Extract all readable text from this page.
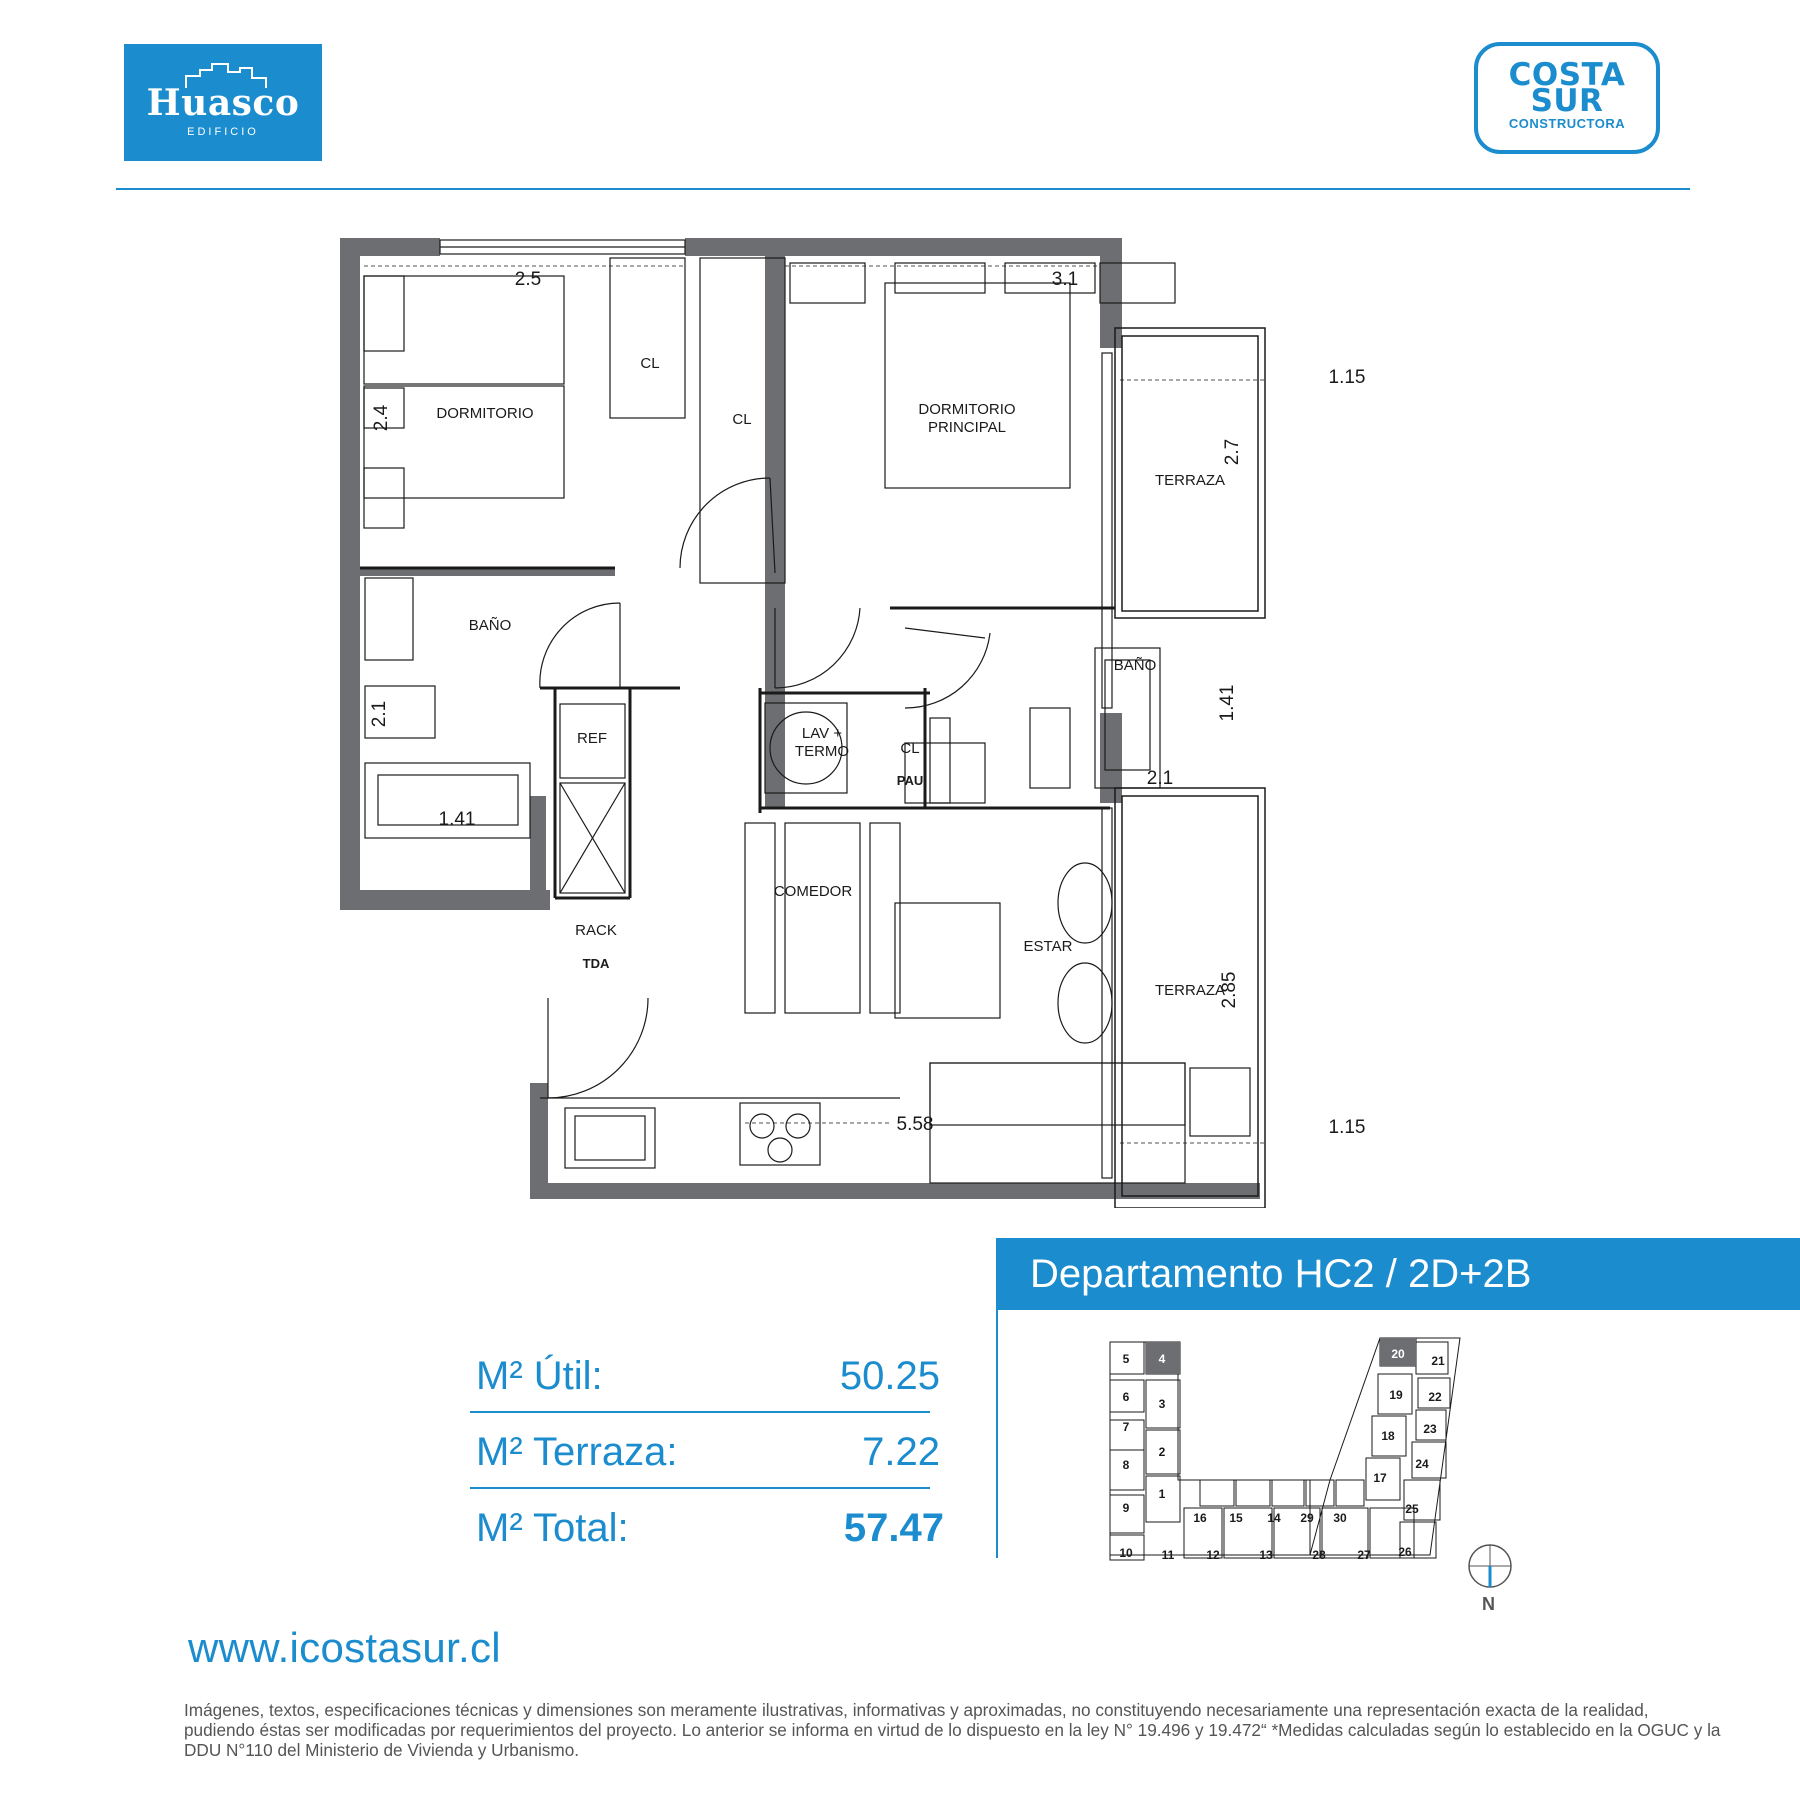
Huasco
EDIFICIO
COSTA
SUR
CONSTRUCTORA
DORMITORIO
CL
CL
DORMITORIO
PRINCIPAL
TERRAZA
TERRAZA
BAÑO
BAÑO
REF	LAV +
TERMO	CL
PAU
COMEDOR
ESTAR
RACK
TDA
2.5
2.4
3.1
2.7
1.15
1.15
2.1
1.41
1.41
2.1
2.85
5.58
Departamento HC2 / 2D+2B
M² Útil:	50.25
M² Terraza:	7.22
M² Total:	57.47
5 4
3
2
1
6
7
8
9
10 11	12	13	28	27 26
16 15 14 29 30
20 21
19 22
18 23
17
24
25
N
www.icostasur.cl
Imágenes, textos, especificaciones técnicas y dimensiones son meramente ilustrativas, informativas y aproximadas, no constituyendo necesariamente una representación exacta de la realidad, pudiendo éstas ser modificadas por requerimientos del proyecto. Lo anterior se informa en virtud de lo dispuesto en la ley N° 19.496 y 19.472“ *Medidas calculadas según lo establecido en la OGUC y la DDU N°110 del Ministerio de Vivienda y Urbanismo.
